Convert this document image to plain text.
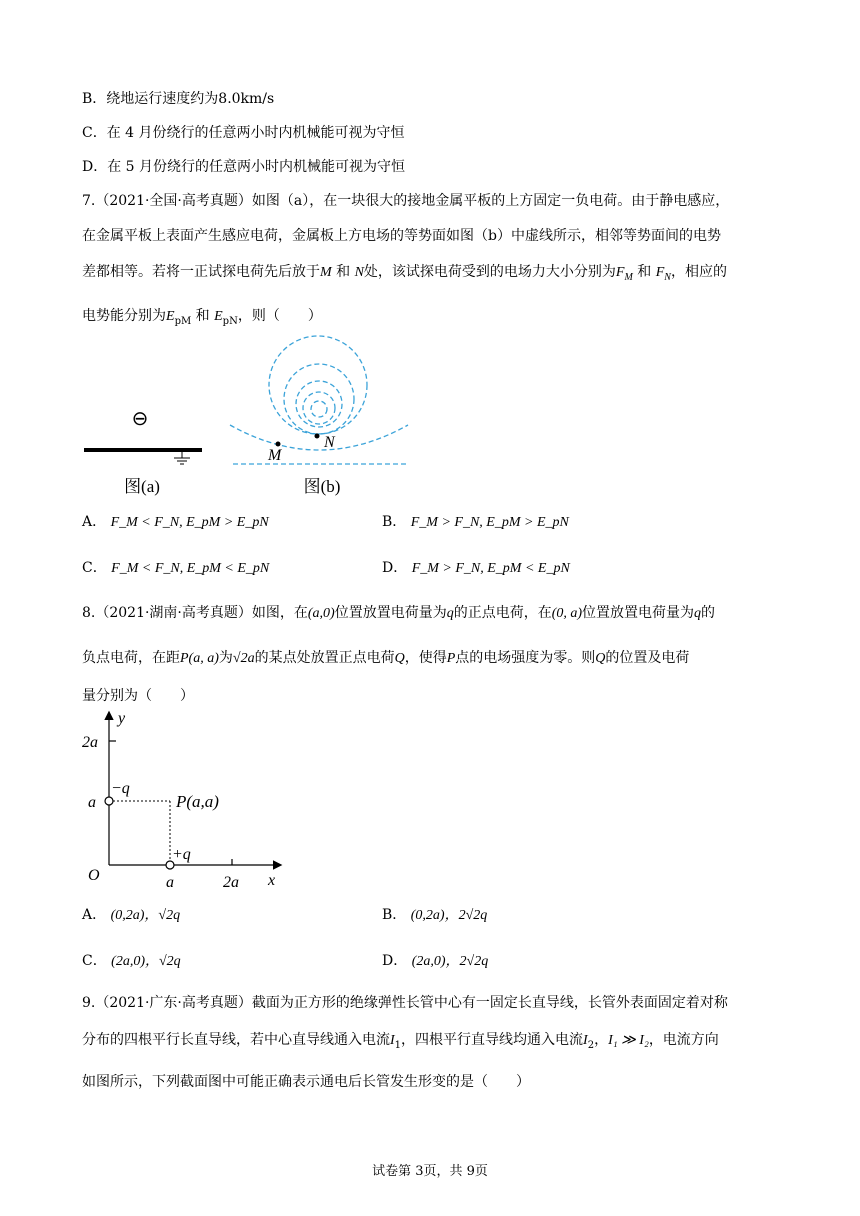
B．绕地运行速度约为8.0km/s
C．在 4 月份绕行的任意两小时内机械能可视为守恒
D．在 5 月份绕行的任意两小时内机械能可视为守恒
7.（2021·全国·高考真题）如图（a），在一块很大的接地金属平板的上方固定一负电荷。由于静电感应，
在金属平板上表面产生感应电荷，金属板上方电场的等势面如图（b）中虚线所示，相邻等势面间的电势
差都相等。若将一正试探电荷先后放于M 和 N处，该试探电荷受到的电场力大小分别为$F_M$ 和 $F_N$，相应的
电势能分别为$E_{pM}$ 和 $E_{pN}$，则（　　）
⊖
图(a)
M
N
图(b)
A． F_M < F_N, E_pM > E_pN	B． F_M > F_N, E_pM > E_pN
C． F_M < F_N, E_pM < E_pN	D． F_M > F_N, E_pM < E_pN
8.（2021·湖南·高考真题）如图，在(a,0)位置放置电荷量为q的正点电荷，在(0, a)位置放置电荷量为q的
负点电荷，在距P(a, a)为√2a的某点处放置正点电荷Q，使得P点的电场强度为零。则Q的位置及电荷
量分别为（　　）
y
x
2a
a
O	a	2a
−q
+q
P(a,a)
A． (0,2a)，√2q	B． (0,2a)，2√2q
C． (2a,0)，√2q	D． (2a,0)，2√2q
9.（2021·广东·高考真题）截面为正方形的绝缘弹性长管中心有一固定长直导线，长管外表面固定着对称
分布的四根平行长直导线，若中心直导线通入电流$I_1$，四根平行直导线均通入电流$I_2$，I₁ ≫ I₂，电流方向
如图所示，下列截面图中可能正确表示通电后长管发生形变的是（　　）
试卷第 3页，共 9页
